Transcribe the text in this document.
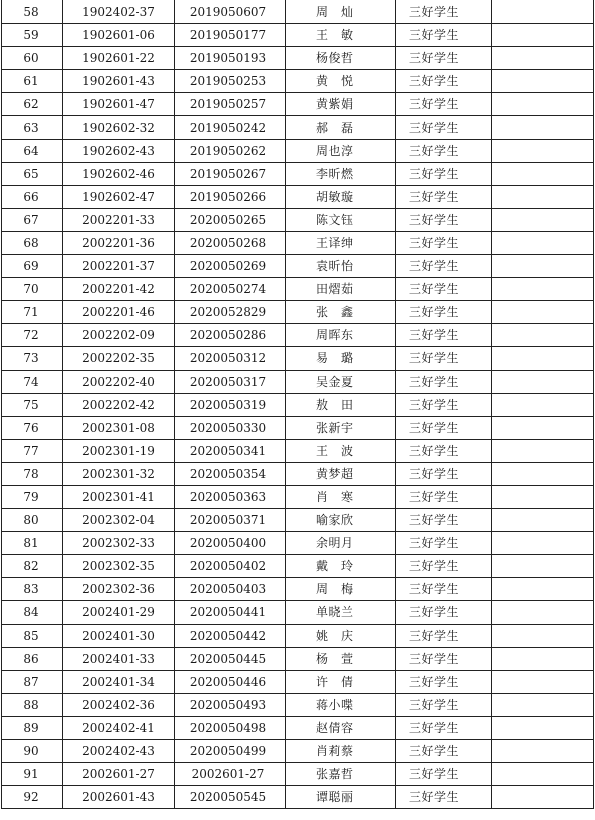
58	1902402-37	2019050607	周　灿	三好学生	
59	1902601-06	2019050177	王　敏	三好学生	
60	1902601-22	2019050193	杨俊哲	三好学生	
61	1902601-43	2019050253	黄　悦	三好学生	
62	1902601-47	2019050257	黄紫娟	三好学生	
63	1902602-32	2019050242	郝　磊	三好学生	
64	1902602-43	2019050262	周也淳	三好学生	
65	1902602-46	2019050267	李昕燃	三好学生	
66	1902602-47	2019050266	胡敏璇	三好学生	
67	2002201-33	2020050265	陈文钰	三好学生	
68	2002201-36	2020050268	王译绅	三好学生	
69	2002201-37	2020050269	袁昕怡	三好学生	
70	2002201-42	2020050274	田熠茹	三好学生	
71	2002201-46	2020052829	张　鑫	三好学生	
72	2002202-09	2020050286	周晖东	三好学生	
73	2002202-35	2020050312	易　璐	三好学生	
74	2002202-40	2020050317	吴金夏	三好学生	
75	2002202-42	2020050319	敖　田	三好学生	
76	2002301-08	2020050330	张新宇	三好学生	
77	2002301-19	2020050341	王　波	三好学生	
78	2002301-32	2020050354	黄梦超	三好学生	
79	2002301-41	2020050363	肖　寒	三好学生	
80	2002302-04	2020050371	喻家欣	三好学生	
81	2002302-33	2020050400	余明月	三好学生	
82	2002302-35	2020050402	戴　玲	三好学生	
83	2002302-36	2020050403	周　梅	三好学生	
84	2002401-29	2020050441	单晓兰	三好学生	
85	2002401-30	2020050442	姚　庆	三好学生	
86	2002401-33	2020050445	杨　萱	三好学生	
87	2002401-34	2020050446	许　倩	三好学生	
88	2002402-36	2020050493	蒋小喋	三好学生	
89	2002402-41	2020050498	赵倩容	三好学生	
90	2002402-43	2020050499	肖莉蔡	三好学生	
91	2002601-27	2002601-27	张嘉哲	三好学生	
92	2002601-43	2020050545	谭聪丽	三好学生	
